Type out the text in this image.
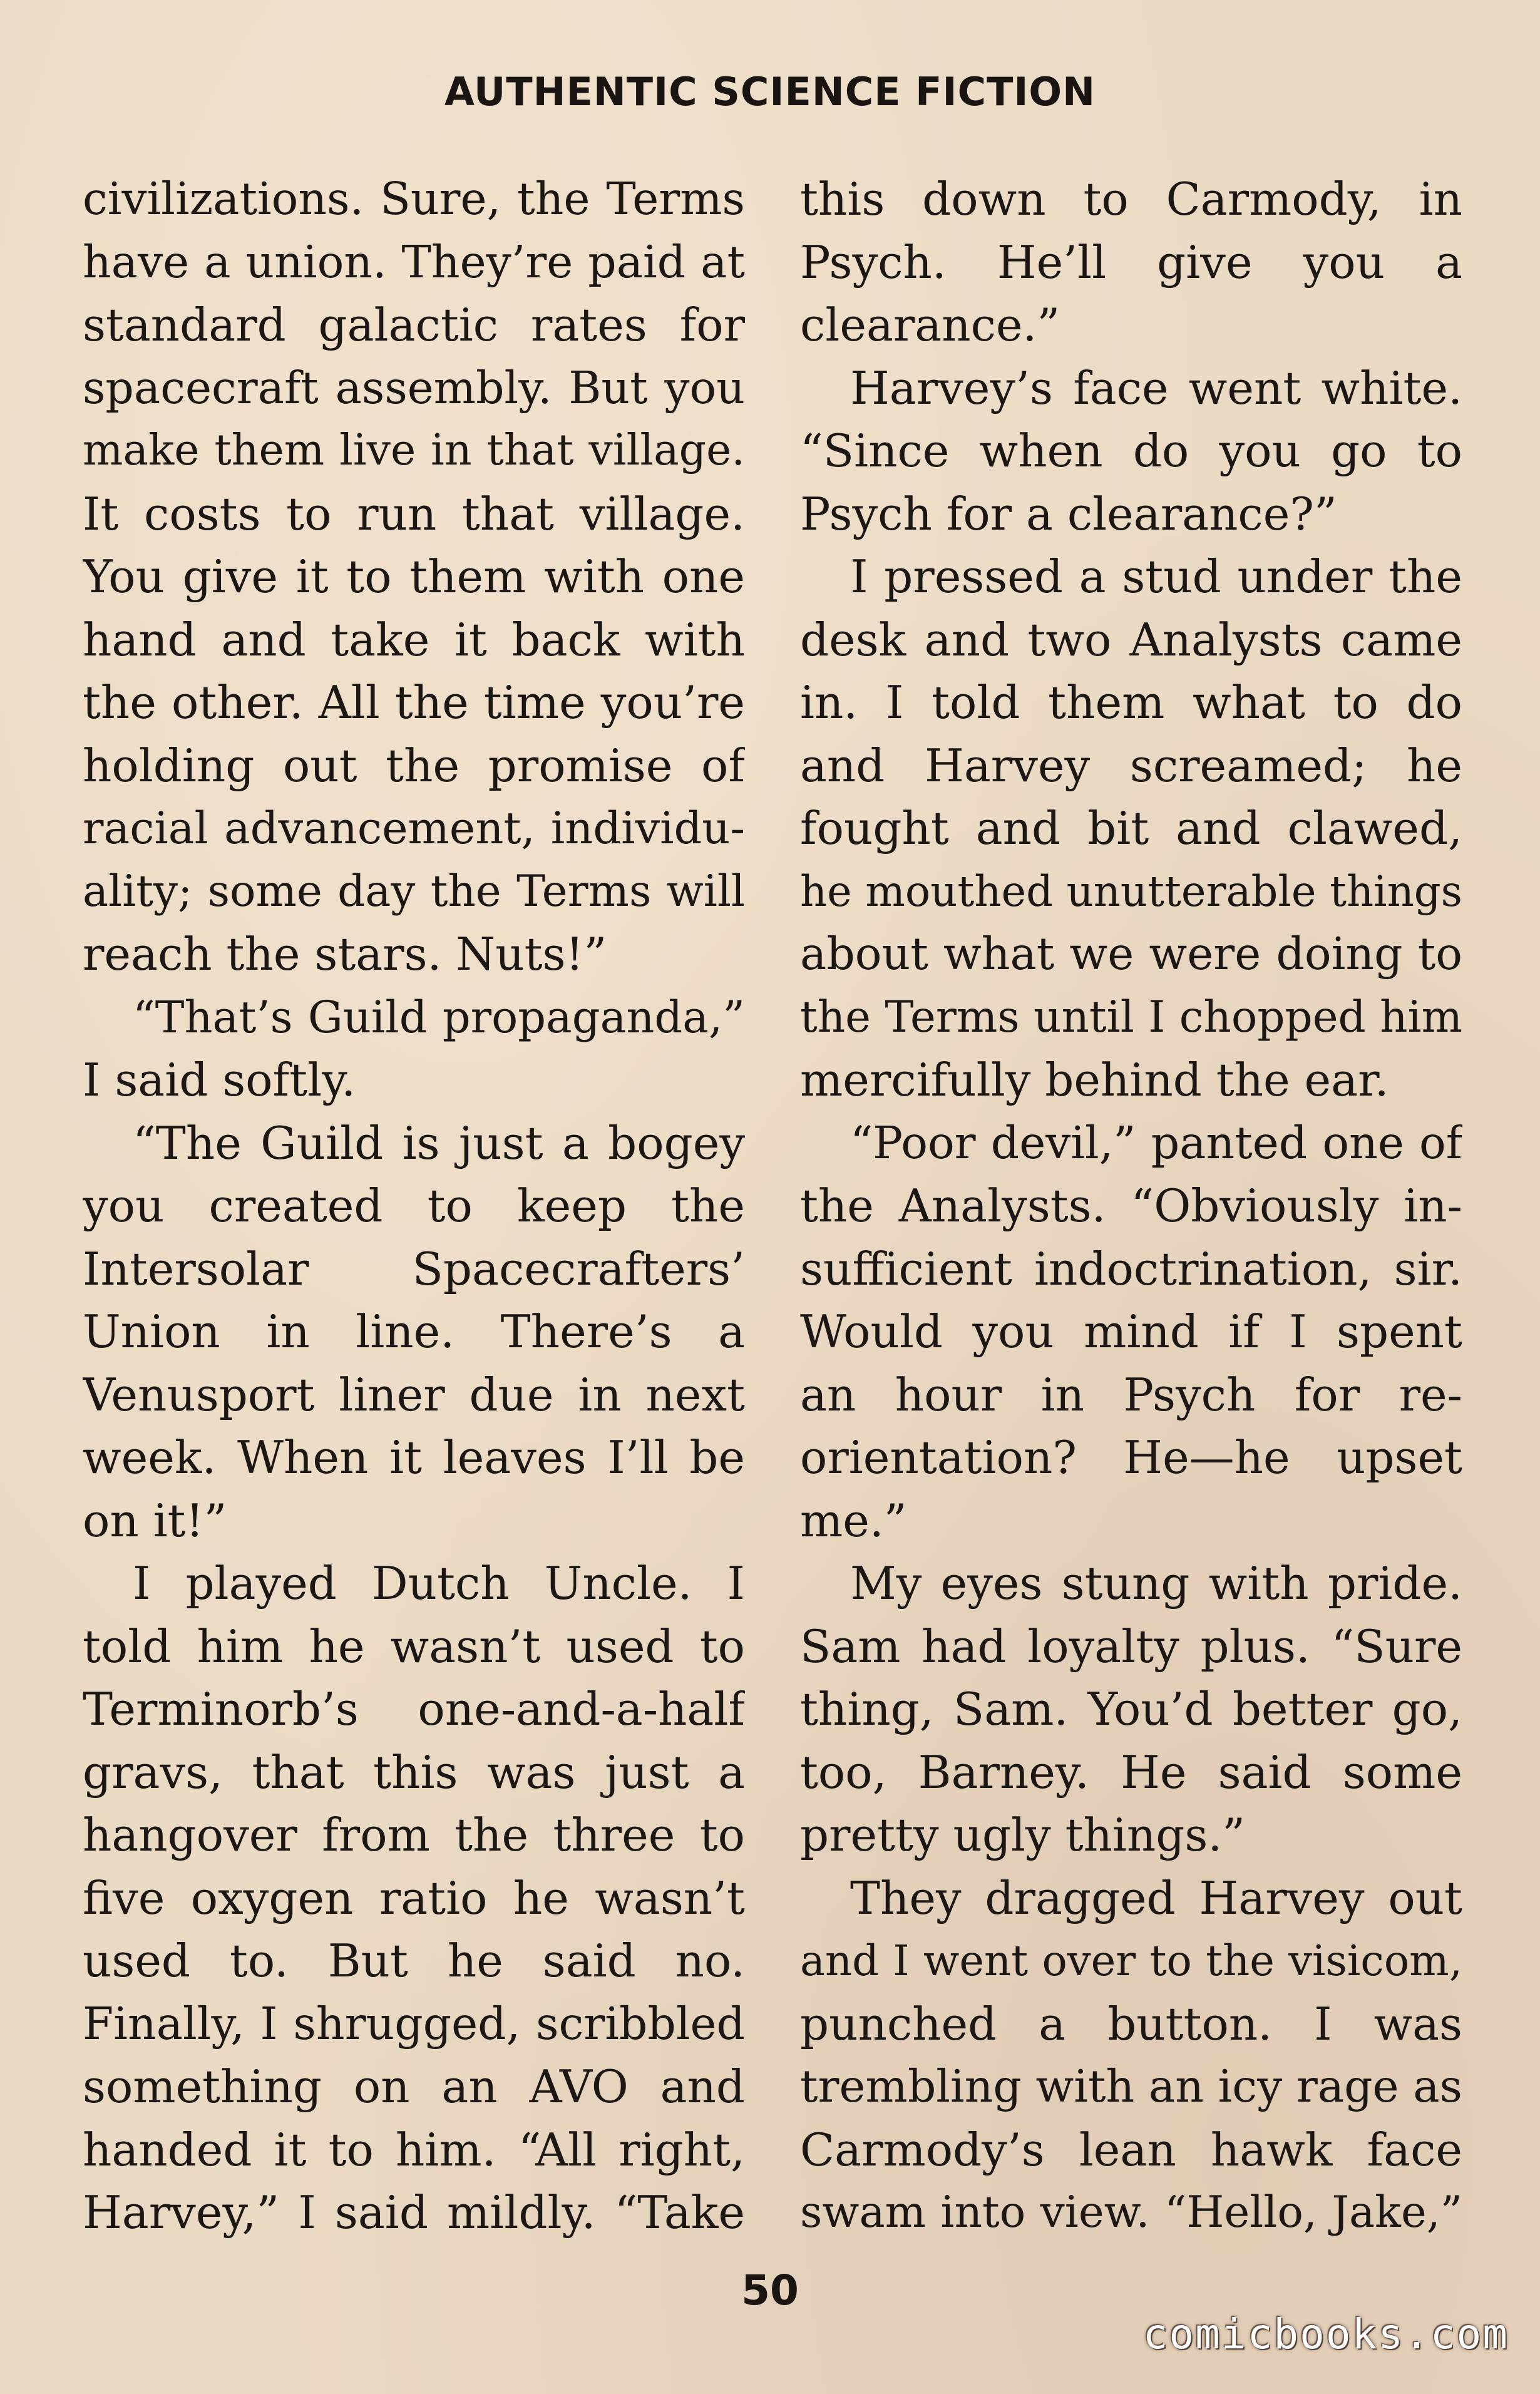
AUTHENTIC SCIENCE FICTION
civilizations. Sure, the Terms
have a union. They’re paid at
standard galactic rates for
spacecraft assembly. But you
make them live in that village.
It costs to run that village.
You give it to them with one
hand and take it back with
the other. All the time you’re
holding out the promise of
racial advancement, individu-
ality; some day the Terms will
reach the stars. Nuts!”
“That’s Guild propaganda,”
I said softly.
“The Guild is just a bogey
you created to keep the
Intersolar Spacecrafters’
Union in line. There’s a
Venusport liner due in next
week. When it leaves I’ll be
on it!”
I played Dutch Uncle. I
told him he wasn’t used to
Terminorb’s one-and-a-half
gravs, that this was just a
hangover from the three to
five oxygen ratio he wasn’t
used to. But he said no.
Finally, I shrugged, scribbled
something on an AVO and
handed it to him. “All right,
Harvey,” I said mildly. “Take
this down to Carmody, in
Psych. He’ll give you a
clearance.”
Harvey’s face went white.
“Since when do you go to
Psych for a clearance?”
I pressed a stud under the
desk and two Analysts came
in. I told them what to do
and Harvey screamed; he
fought and bit and clawed,
he mouthed unutterable things
about what we were doing to
the Terms until I chopped him
mercifully behind the ear.
“Poor devil,” panted one of
the Analysts. “Obviously in-
sufficient indoctrination, sir.
Would you mind if I spent
an hour in Psych for re-
orientation? He—he upset
me.”
My eyes stung with pride.
Sam had loyalty plus. “Sure
thing, Sam. You’d better go,
too, Barney. He said some
pretty ugly things.”
They dragged Harvey out
and I went over to the visicom,
punched a button. I was
trembling with an icy rage as
Carmody’s lean hawk face
swam into view. “Hello, Jake,”
50
comicbooks.com
